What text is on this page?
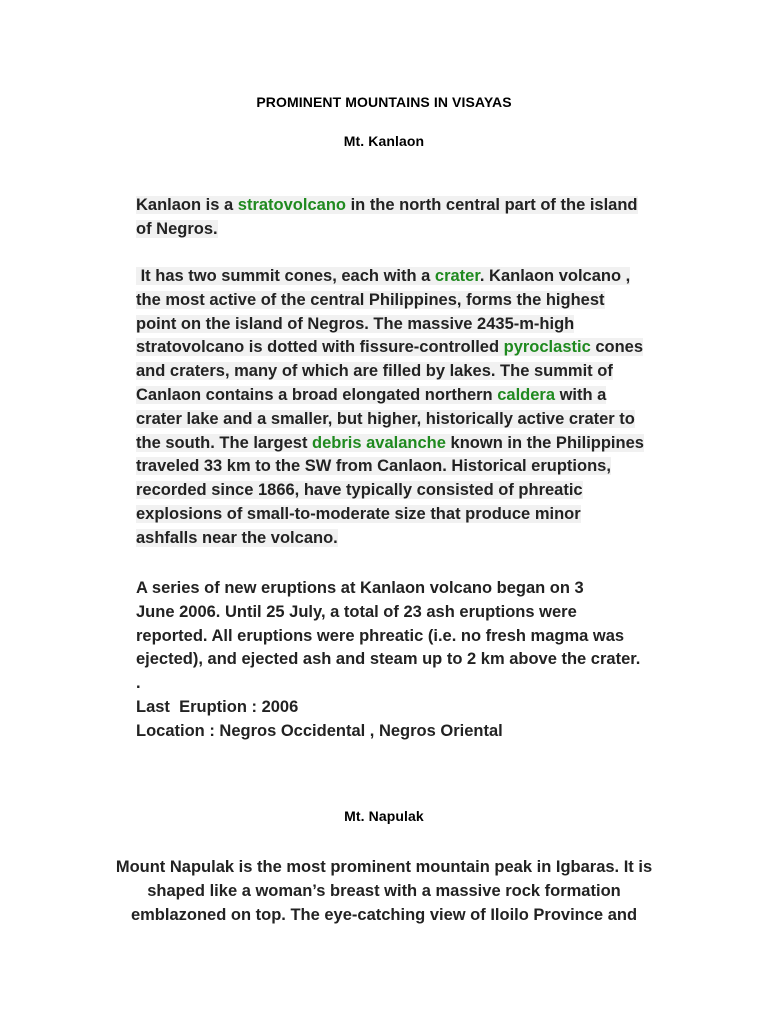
PROMINENT MOUNTAINS IN VISAYAS
Mt. Kanlaon
Kanlaon is a stratovolcano in the north central part of the island
of Negros.
It has two summit cones, each with a crater. Kanlaon volcano ,
the most active of the central Philippines, forms the highest
point on the island of Negros. The massive 2435-m-high
stratovolcano is dotted with fissure-controlled pyroclastic cones
and craters, many of which are filled by lakes. The summit of
Canlaon contains a broad elongated northern caldera with a
crater lake and a smaller, but higher, historically active crater to
the south. The largest debris avalanche known in the Philippines
traveled 33 km to the SW from Canlaon. Historical eruptions,
recorded since 1866, have typically consisted of phreatic
explosions of small-to-moderate size that produce minor
ashfalls near the volcano.
A series of new eruptions at Kanlaon volcano began on 3
June 2006. Until 25 July, a total of 23 ash eruptions were
reported. All eruptions were phreatic (i.e. no fresh magma was
ejected), and ejected ash and steam up to 2 km above the crater.
.
Last  Eruption : 2006
Location : Negros Occidental , Negros Oriental
Mt. Napulak
Mount Napulak is the most prominent mountain peak in Igbaras. It is
shaped like a woman’s breast with a massive rock formation
emblazoned on top. The eye-catching view of Iloilo Province and
